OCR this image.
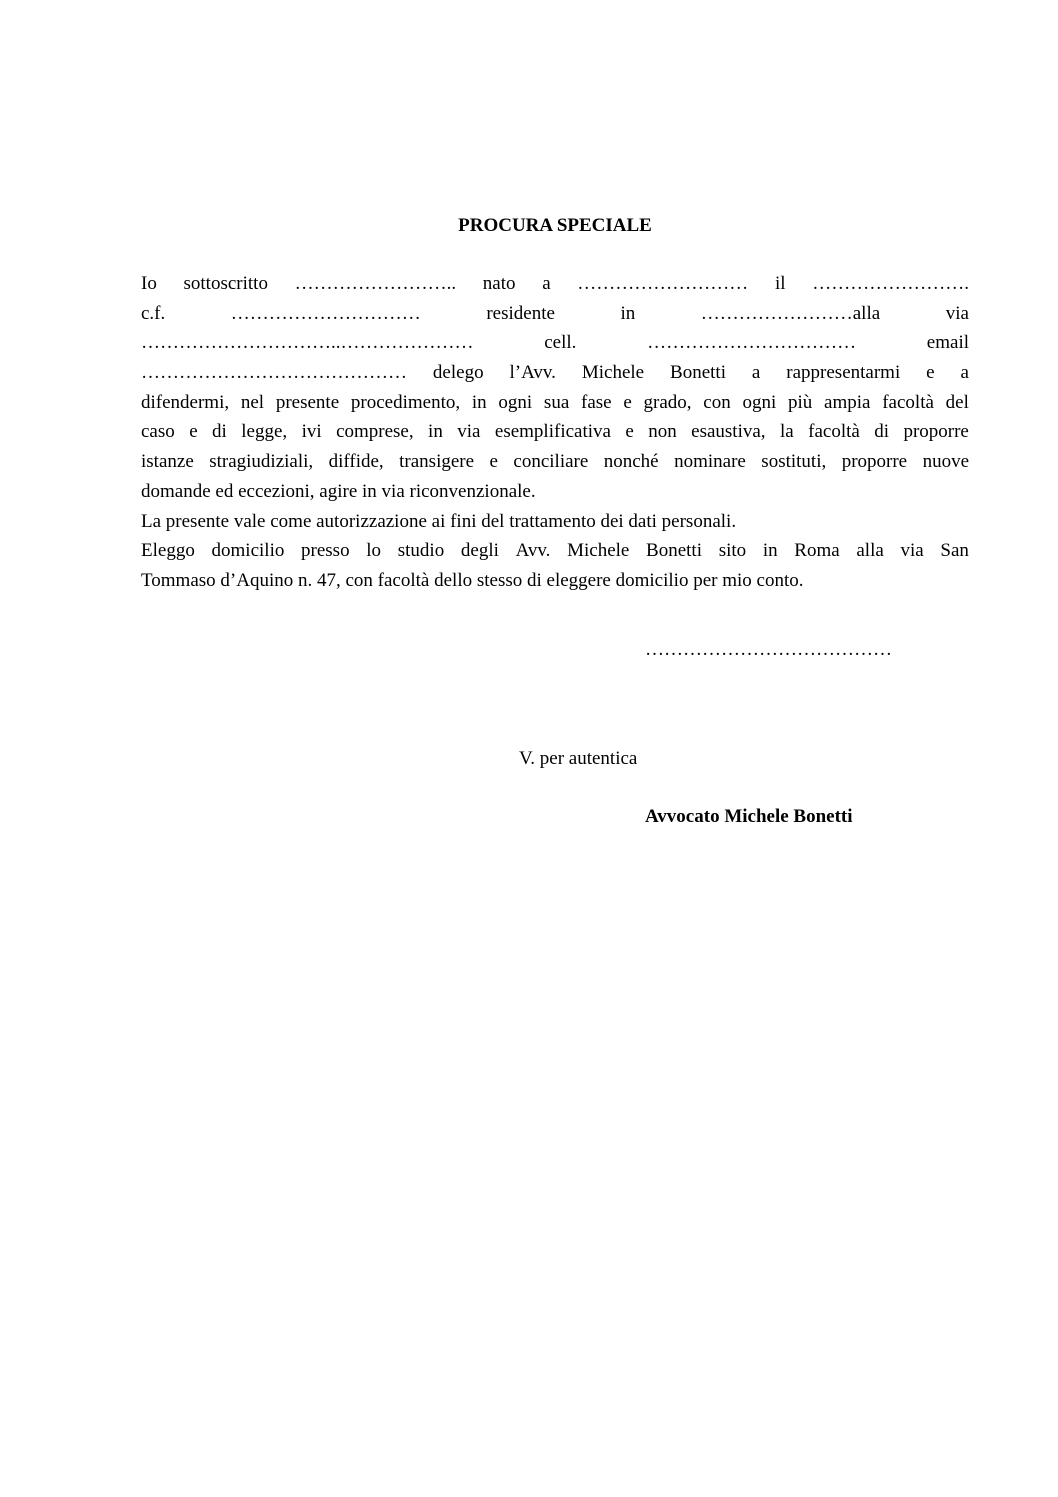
PROCURA SPECIALE
Io sottoscritto …………………….. nato a ……………………… il …………………….
c.f.	…………………………	residente	in	……………………alla	via
…………………………..…………………	cell.	……………………………	email
…………………………………… delego l’Avv. Michele Bonetti a rappresentarmi e a
difendermi, nel presente procedimento, in ogni sua fase e grado, con ogni più ampia facoltà del
caso e di legge, ivi comprese, in via esemplificativa e non esaustiva, la facoltà di proporre
istanze stragiudiziali, diffide, transigere e conciliare nonché nominare sostituti, proporre nuove
domande ed eccezioni, agire in via riconvenzionale.
La presente vale come autorizzazione ai fini del trattamento dei dati personali.
Eleggo domicilio presso lo studio degli Avv. Michele Bonetti sito in Roma alla via San
Tommaso d’Aquino n. 47, con facoltà dello stesso di eleggere domicilio per mio conto.
…………………………………
V. per autentica
Avvocato Michele Bonetti
